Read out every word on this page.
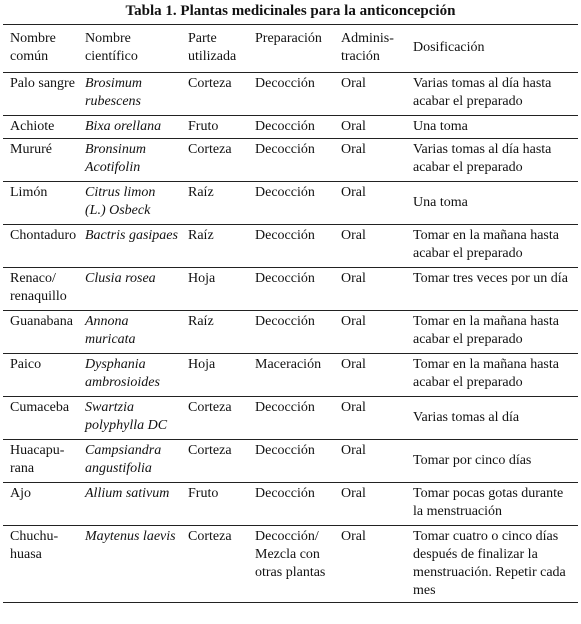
Tabla 1. Plantas medicinales para la anticoncepción
Nombre común	Nombre científico	Parte utilizada	Preparación	Adminis-tración	Dosificación
Palo sangre	Brosimum rubescens	Corteza	Decocción	Oral	Varias tomas al día hasta acabar el preparado
Achiote	Bixa orellana	Fruto	Decocción	Oral	Una toma
Mururé	Bronsinum Acotifolin	Corteza	Decocción	Oral	Varias tomas al día hasta acabar el preparado
Limón	Citrus limon (L.) Osbeck	Raíz	Decocción	Oral	Una toma
Chontaduro	Bactris gasipaes	Raíz	Decocción	Oral	Tomar en la mañana hasta acabar el preparado
Renaco/ renaquillo	Clusia rosea	Hoja	Decocción	Oral	Tomar tres veces por un día
Guanabana	Annona muricata	Raíz	Decocción	Oral	Tomar en la mañana hasta acabar el preparado
Paico	Dysphania ambrosioides	Hoja	Maceración	Oral	Tomar en la mañana hasta acabar el preparado
Cumaceba	Swartzia polyphylla DC	Corteza	Decocción	Oral	Varias tomas al día
Huacapu-rana	Campsiandra angustifolia	Corteza	Decocción	Oral	Tomar por cinco días
Ajo	Allium sativum	Fruto	Decocción	Oral	Tomar pocas gotas durante la menstruación
Chuchu-huasa	Maytenus laevis	Corteza	Decocción/ Mezcla con otras plantas	Oral	Tomar cuatro o cinco días después de finalizar la menstruación. Repetir cada mes
